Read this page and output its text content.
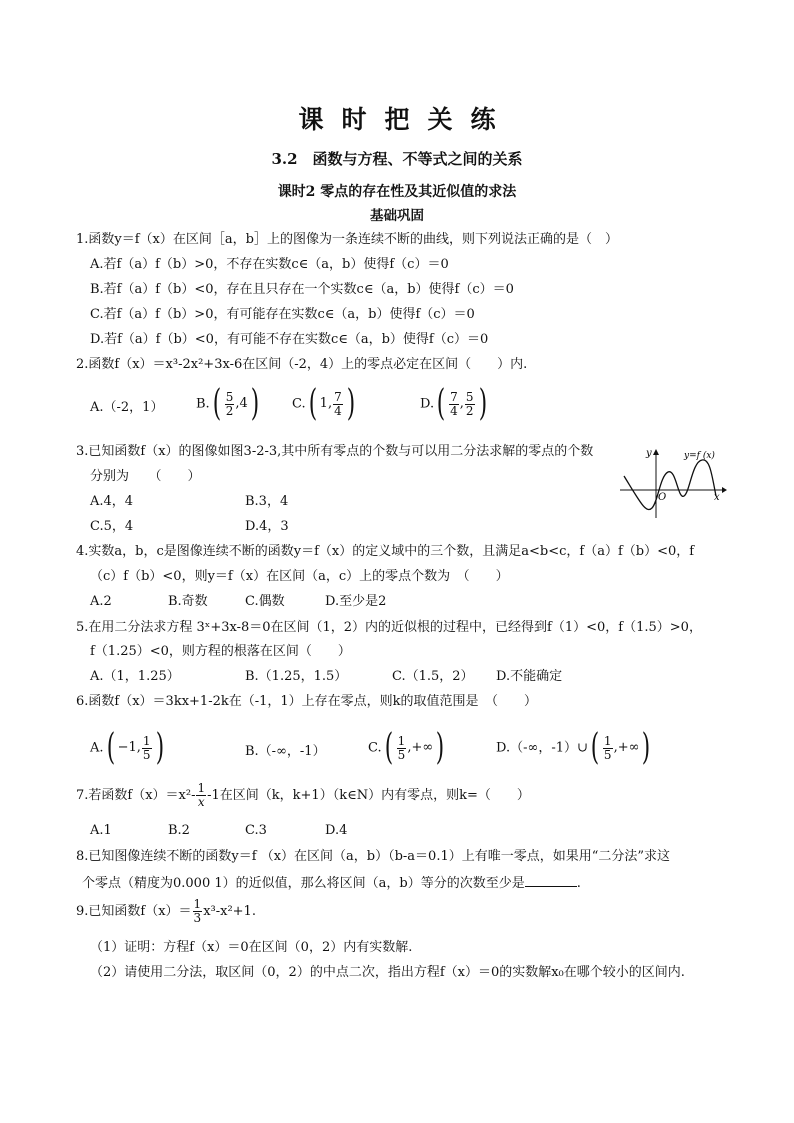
课时把关练
3.2　函数与方程、不等式之间的关系
课时2 零点的存在性及其近似值的求法
基础巩固
1.函数y＝f（x）在区间［a，b］上的图像为一条连续不断的曲线，则下列说法正确的是（　）
A.若f（a）f（b）>0，不存在实数c∈（a，b）使得f（c）＝0
B.若f（a）f（b）<0，存在且只存在一个实数c∈（a，b）使得f（c）＝0
C.若f（a）f（b）>0，有可能存在实数c∈（a，b）使得f（c）＝0
D.若f（a）f（b）<0，有可能不存在实数c∈（a，b）使得f（c）＝0
2.函数f（x）＝x³-2x²+3x-6在区间（-2，4）上的零点必定在区间（　　）内.
A.（-2，1）	B. ( 5
2 ,4 )	C. ( 1, 7
4 )	D. ( 7
4 , 5
2 )
3.已知函数f（x）的图像如图3-2-3,其中所有零点的个数与可以用二分法求解的零点的个数
分别为　　（　　）
A.4，4	B.3，4
C.5，4	D.4，3
y
x
O
y=f (x)
4.实数a，b，c是图像连续不断的函数y＝f（x）的定义域中的三个数，且满足a<b<c，f（a）f（b）<0，f
（c）f（b）<0，则y＝f（x）在区间（a，c）上的零点个数为　（　　）
A.2	B.奇数	C.偶数	D.至少是2
5.在用二分法求方程 3ˣ+3x-8＝0在区间（1，2）内的近似根的过程中，已经得到f（1）<0，f（1.5）>0，
f（1.25）<0，则方程的根落在区间（　　）
A.（1，1.25）	B.（1.25，1.5）	C.（1.5，2） D.不能确定
6.函数f（x）＝3kx+1-2k在（-1，1）上存在零点，则k的取值范围是　（　　）
A. ( −1, 1
5 )	B.（-∞，-1）	C. ( 1
5 ,+∞ )	D.（-∞，-1）∪ ( 1
5 ,+∞ )
7.若函数$f(x)=x^2- \frac{1}{x} -1$在区间（k，k+1）（k∈N）内有零点，则k=（　　）
A.1	B.2	C.3	D.4
8.已知图像连续不断的函数y＝f （x）在区间（a，b）（b-a＝0.1）上有唯一零点，如果用“二分法”求这
个零点（精度为0.000 1）的近似值，那么将区间（a，b）等分的次数至少是	.
9.已知函数$f(x)= \frac{1}{3} x^3-x^2+1$.
（1）证明：方程f（x）＝0在区间（0，2）内有实数解.
（2）请使用二分法，取区间（0，2）的中点二次，指出方程f（x）＝0的实数解x₀在哪个较小的区间内.
